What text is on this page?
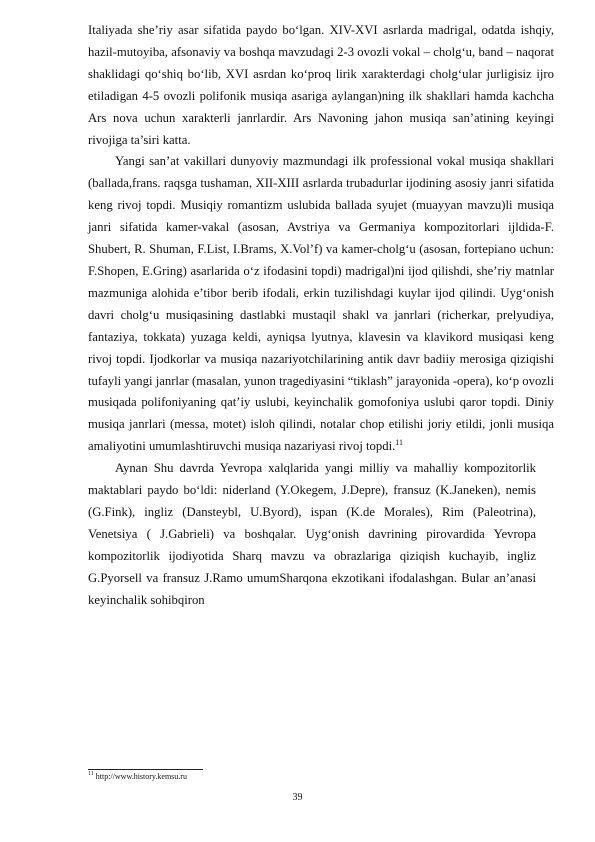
Italiyada she’riy asar sifatida paydo bo‘lgan. XIV-XVI asrlarda madrigal, odatda ishqiy, hazil-mutoyiba, afsonaviy va boshqa mavzudagi 2-3 ovozli vokal – cholg‘u, band – naqorat shaklidagi qo‘shiq bo‘lib, XVI asrdan ko‘proq lirik xarakterdagi cholg‘ular jurligisiz ijro etiladigan 4-5 ovozli polifonik musiqa asariga aylangan)ning ilk shakllari hamda kachcha Ars nova uchun xarakterli janrlardir. Ars Navoning jahon musiqa san’atining keyingi rivojiga ta’siri katta.

Yangi san’at vakillari dunyoviy mazmundagi ilk professional vokal musiqa shakllari (ballada,frans. raqsga tushaman, XII-XIII asrlarda trubadurlar ijodining asosiy janri sifatida keng rivoj topdi. Musiqiy romantizm uslubida ballada syujet (muayyan mavzu)li musiqa janri sifatida kamer-vakal (asosan, Avstriya va Germaniya kompozitorlari ijldida-F. Shubert, R. Shuman, F.List, I.Brams, X.Vol’f) va kamer-cholg‘u (asosan, fortepiano uchun: F.Shopen, E.Gring) asarlarida o‘z ifodasini topdi) madrigal)ni ijod qilishdi, she’riy matnlar mazmuniga alohida e’tibor berib ifodali, erkin tuzilishdagi kuylar ijod qilindi. Uyg‘onish davri cholg‘u musiqasining dastlabki mustaqil shakl va janrlari (richerkar, prelyudiya, fantaziya, tokkata) yuzaga keldi, ayniqsa lyutnya, klavesin va klavikord musiqasi keng rivoj topdi. Ijodkorlar va musiqa nazariyotchilarining antik davr badiiy merosiga qiziqishi tufayli yangi janrlar (masalan, yunon tragediyasini “tiklash” jarayonida -opera), ko‘p ovozli musiqada polifoniyaning qat’iy uslubi, keyinchalik gomofoniya uslubi qaror topdi. Diniy musiqa janrlari (messa, motet) isloh qilindi, notalar chop etilishi joriy etildi, jonli musiqa amaliyotini umumlashtiruvchi musiqa nazariyasi rivoj topdi.$^{11}$

Aynan Shu davrda Yevropa xalqlarida yangi milliy va mahalliy kompozitorlik maktablari paydo bo‘ldi: niderland (Y.Okegem, J.Depre), fransuz (K.Janeken), nemis (G.Fink), ingliz (Dansteybl, U.Byord), ispan (K.de Morales), Rim (Paleotrina), Venetsiya ( J.Gabrieli) va boshqalar. Uyg‘onish davrining pirovardida Yevropa kompozitorlik ijodiyotida Sharq mavzu va obrazlariga qiziqish kuchayib, ingliz G.Pyorsell va fransuz J.Ramo umumSharqona ekzotikani ifodalashgan. Bular an’anasi keyinchalik sohibqiron

$^{11}$ http://www.history.kemsu.ru
39
